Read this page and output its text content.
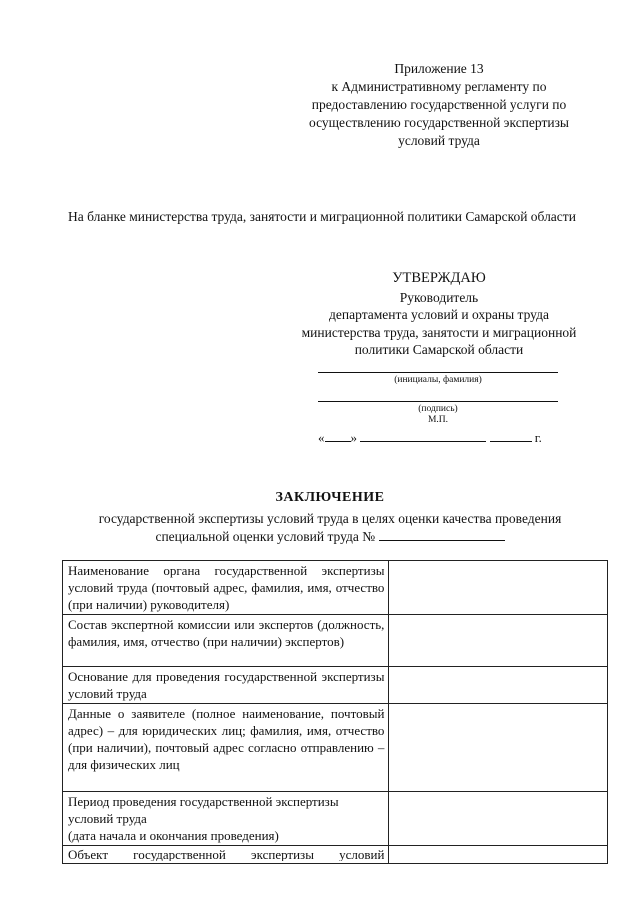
Приложение 13
к Административному регламенту по
предоставлению государственной услуги по
осуществлению государственной экспертизы
условий труда
На бланке министерства труда, занятости и миграционной политики Самарской области
УТВЕРЖДАЮ
Руководитель
департамента условий и охраны труда
министерства труда, занятости и миграционной
политики Самарской области
(инициалы, фамилия)
(подпись)
М.П.
« »	г.
ЗАКЛЮЧЕНИЕ
государственной экспертизы условий труда в целях оценки качества проведения
специальной оценки условий труда №
Наименование органа государственной экспертизы условий труда (почтовый адрес, фамилия, имя, отчество (при наличии) руководителя)	
Состав экспертной комиссии или экспертов (должность, фамилия, имя, отчество (при наличии) экспертов)	
Основание для проведения государственной экспертизы условий труда	
Данные о заявителе (полное наименование, почтовый адрес) – для юридических лиц; фамилия, имя, отчество (при наличии), почтовый адрес согласно отправлению – для физических лиц	
Период проведения государственной экспертизы условий труда
(дата начала и окончания проведения)	

Объект государственной экспертизы условий	
